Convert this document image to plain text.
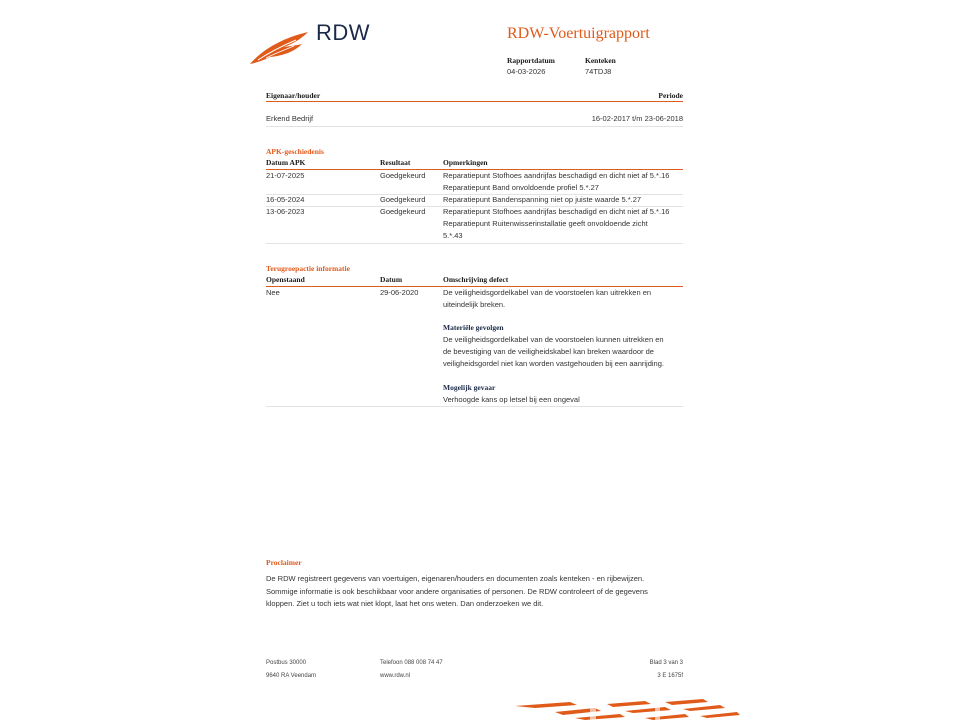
RDW	RDW-Voertuigrapport
Rapportdatum
04-03-2026
Kenteken
74TDJ8
Eigenaar/houder	Periode
Erkend Bedrijf	16-02-2017 t/m 23-06-2018
APK-geschiedenis
Datum APK	Resultaat	Opmerkingen
21-07-2025	Goedgekeurd Reparatiepunt Stofhoes aandrijfas beschadigd en dicht niet af 5.*.16
Reparatiepunt Band onvoldoende profiel 5.*.27
16-05-2024	Goedgekeurd Reparatiepunt Bandenspanning niet op juiste waarde 5.*.27
13-06-2023	Goedgekeurd Reparatiepunt Stofhoes aandrijfas beschadigd en dicht niet af 5.*.16
Reparatiepunt Ruitenwisserinstallatie geeft onvoldoende zicht
5.*.43
Terugroepactie informatie
Openstaand	Datum	Omschrijving defect
Nee	29-06-2020	De veiligheidsgordelkabel van de voorstoelen kan uitrekken en
uiteindelijk breken.
Materiële gevolgen
De veiligheidsgordelkabel van de voorstoelen kunnen uitrekken en
de bevestiging van de veiligheidskabel kan breken waardoor de
veiligheidsgordel niet kan worden vastgehouden bij een aanrijding.
Mogelijk gevaar
Verhoogde kans op letsel bij een ongeval
Proclaimer
De RDW registreert gegevens van voertuigen, eigenaren/houders en documenten zoals kenteken - en rijbewijzen.
Sommige informatie is ook beschikbaar voor andere organisaties of personen. De RDW controleert of de gegevens
kloppen. Ziet u toch iets wat niet klopt, laat het ons weten. Dan onderzoeken we dit.
Postbus 30000
9640 RA Veendam
Telefoon 088 008 74 47
www.rdw.nl
Blad 3 van 3
3 E 1675f
